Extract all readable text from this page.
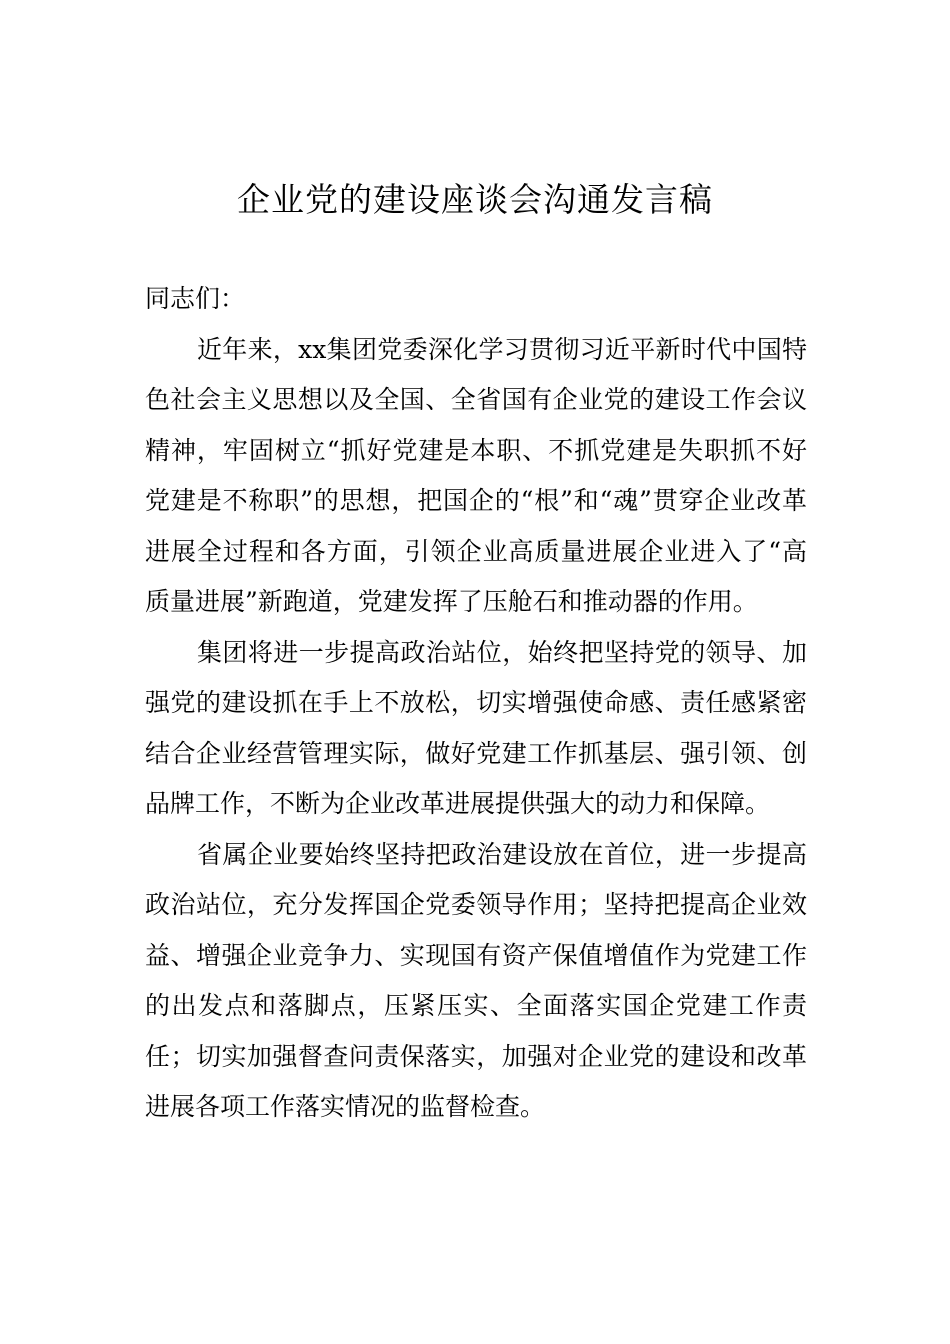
企业党的建设座谈会沟通发言稿

同志们：

近年来，xx集团党委深化学习贯彻习近平新时代中国特色社会主义思想以及全国、全省国有企业党的建设工作会议精神，牢固树立“抓好党建是本职、不抓党建是失职抓不好党建是不称职”的思想，把国企的“根”和“魂”贯穿企业改革进展全过程和各方面，引领企业高质量进展企业进入了“高质量进展”新跑道，党建发挥了压舱石和推动器的作用。

集团将进一步提高政治站位，始终把坚持党的领导、加强党的建设抓在手上不放松，切实增强使命感、责任感紧密结合企业经营管理实际，做好党建工作抓基层、强引领、创品牌工作，不断为企业改革进展提供强大的动力和保障。

省属企业要始终坚持把政治建设放在首位，进一步提高政治站位，充分发挥国企党委领导作用；坚持把提高企业效益、增强企业竞争力、实现国有资产保值增值作为党建工作的出发点和落脚点，压紧压实、全面落实国企党建工作责任；切实加强督查问责保落实，加强对企业党的建设和改革进展各项工作落实情况的监督检查。
